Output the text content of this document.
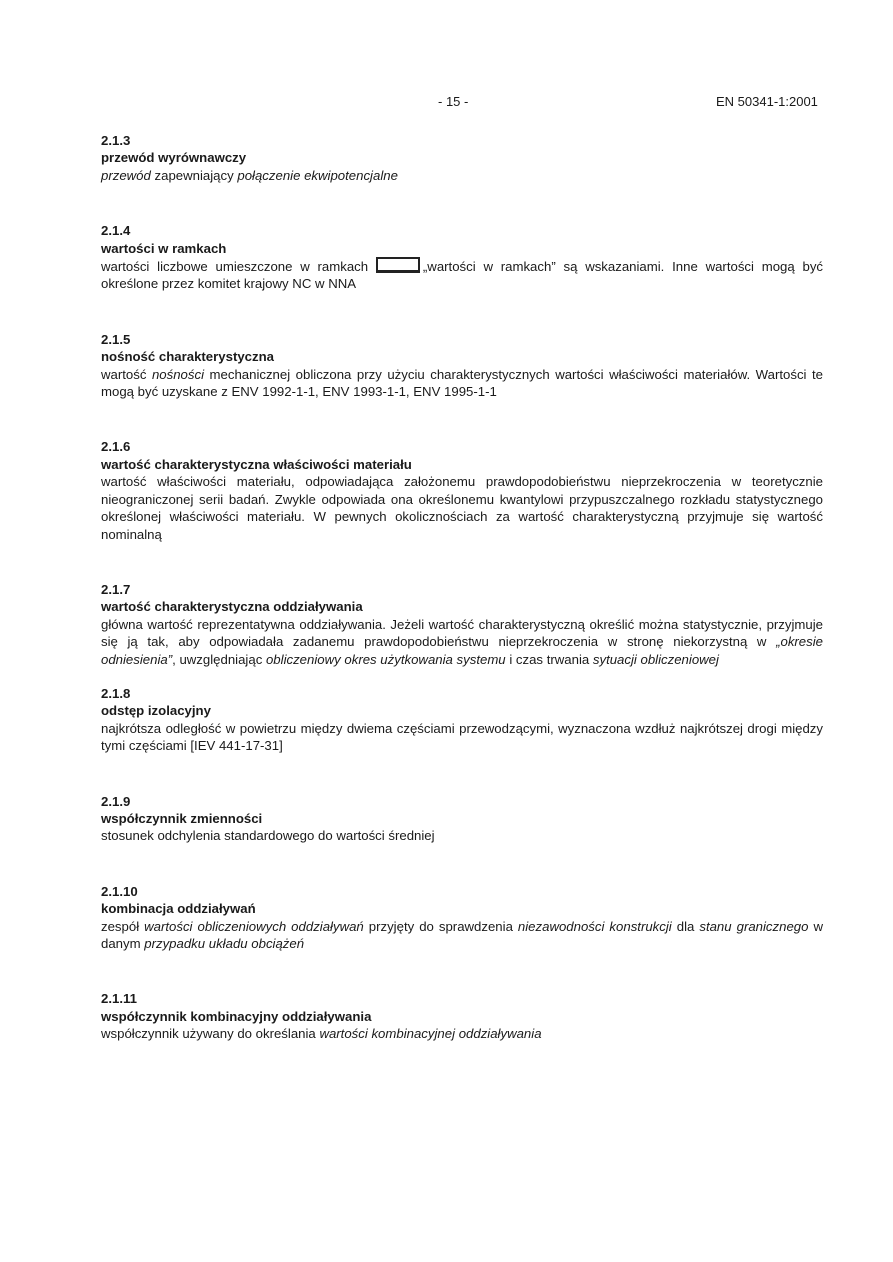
- 15 -	EN 50341-1:2001
2.1.3
przewód wyrównawczy
przewód zapewniający połączenie ekwipotencjalne
2.1.4
wartości w ramkach
wartości liczbowe umieszczone w ramkach	„wartości w ramkach” są wskazaniami. Inne wartości mogą być określone przez komitet krajowy NC w NNA
2.1.5
nośność charakterystyczna
wartość nośności mechanicznej obliczona przy użyciu charakterystycznych wartości właściwości materiałów. Wartości te mogą być uzyskane z ENV 1992-1-1, ENV 1993-1-1, ENV 1995-1-1
2.1.6
wartość charakterystyczna właściwości materiału
wartość właściwości materiału, odpowiadająca założonemu prawdopodobieństwu nieprzekroczenia w teoretycznie nieograniczonej serii badań. Zwykle odpowiada ona określonemu kwantylowi przypuszczalnego rozkładu statystycznego określonej właściwości materiału. W pewnych okolicznościach za wartość charakterystyczną przyjmuje się wartość nominalną
2.1.7
wartość charakterystyczna oddziaływania
główna wartość reprezentatywna oddziaływania. Jeżeli wartość charakterystyczną określić można statystycznie, przyjmuje się ją tak, aby odpowiadała zadanemu prawdopodobieństwu nieprzekroczenia w stronę niekorzystną w „okresie odniesienia”, uwzględniając obliczeniowy okres użytkowania systemu i czas trwania sytuacji obliczeniowej
2.1.8
odstęp izolacyjny
najkrótsza odległość w powietrzu między dwiema częściami przewodzącymi, wyznaczona wzdłuż najkrótszej drogi między tymi częściami [IEV 441-17-31]
2.1.9
współczynnik zmienności
stosunek odchylenia standardowego do wartości średniej
2.1.10
kombinacja oddziaływań
zespół wartości obliczeniowych oddziaływań przyjęty do sprawdzenia niezawodności konstrukcji dla stanu granicznego w danym przypadku układu obciążeń
2.1.11
współczynnik kombinacyjny oddziaływania
współczynnik używany do określania wartości kombinacyjnej oddziaływania
